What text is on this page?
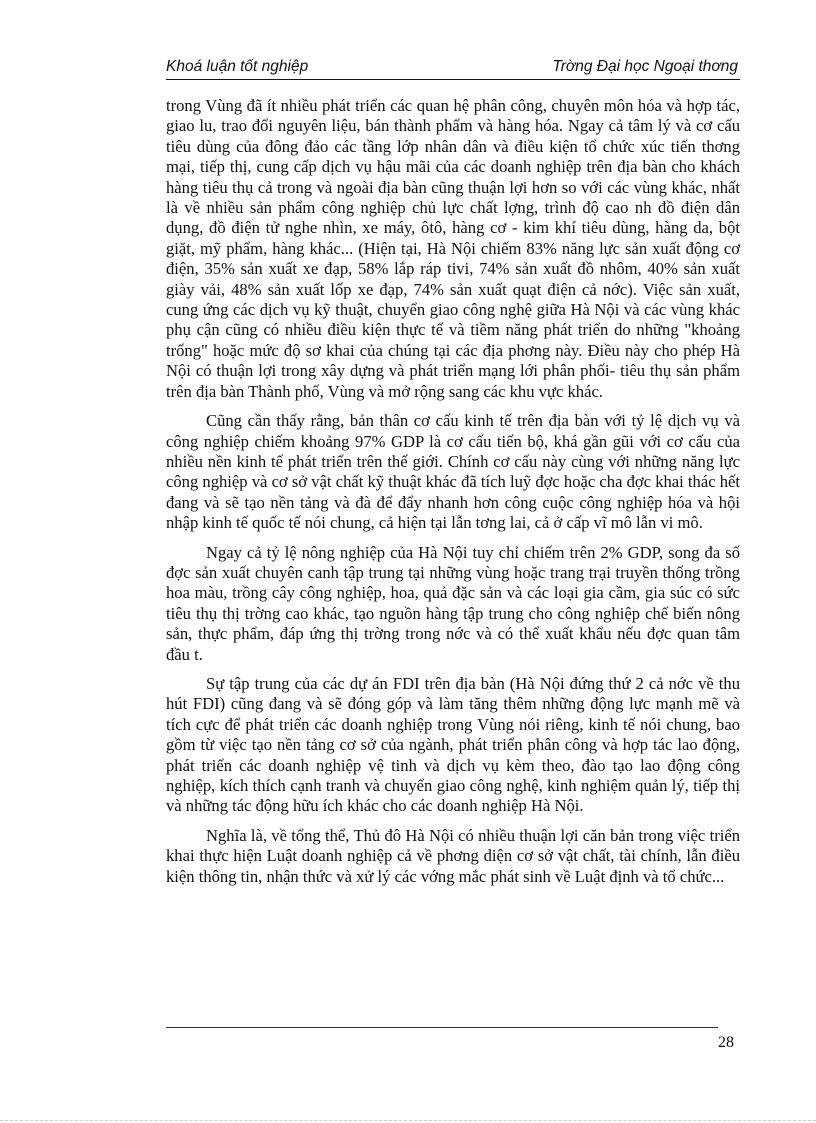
Khoá luận tốt nghiệp	Trờng Đại học Ngoại thơng

trong Vùng đã ít nhiều phát triển các quan hệ phân công, chuyên môn hóa và hợp tác, giao lu, trao đổi nguyên liệu, bán thành phẩm và hàng hóa. Ngay cả tâm lý và cơ cấu tiêu dùng của đông đảo các tầng lớp nhân dân và điều kiện tổ chức xúc tiến thơng mại, tiếp thị, cung cấp dịch vụ hậu mãi của các doanh nghiệp trên địa bàn cho khách hàng tiêu thụ cả trong và ngoài địa bàn cũng thuận lợi hơn so với các vùng khác, nhất là về nhiều sản phẩm công nghiệp chủ lực chất lợng, trình độ cao nh đồ điện dân dụng, đồ điện tử nghe nhìn, xe máy, ôtô, hàng cơ - kim khí tiêu dùng, hàng da, bột giặt, mỹ phẩm, hàng khác... (Hiện tại, Hà Nội chiếm 83% năng lực sản xuất động cơ điện, 35% sản xuất xe đạp, 58% lắp ráp tivi, 74% sản xuất đồ nhôm, 40% sản xuất giày vải, 48% sản xuất lốp xe đạp, 74% sản xuất quạt điện cả nớc). Việc sản xuất, cung ứng các dịch vụ kỹ thuật, chuyển giao công nghệ giữa Hà Nội và các vùng khác phụ cận cũng có nhiều điều kiện thực tế và tiềm năng phát triển do những "khoảng trống" hoặc mức độ sơ khai của chúng tại các địa phơng này. Điều này cho phép Hà Nội có thuận lợi trong xây dựng và phát triển mạng lới phân phối- tiêu thụ sản phẩm trên địa bàn Thành phố, Vùng và mở rộng sang các khu vực khác.

Cũng cần thấy rằng, bản thân cơ cấu kinh tế trên địa bàn với tỷ lệ dịch vụ và công nghiệp chiếm khoảng 97% GDP là cơ cấu tiến bộ, khá gần gũi với cơ cấu của nhiều nền kinh tế phát triển trên thế giới. Chính cơ cấu này cùng với những năng lực công nghiệp và cơ sở vật chất kỹ thuật khác đã tích luỹ đợc hoặc cha đợc khai thác hết đang và sẽ tạo nền tảng và đà để đẩy nhanh hơn công cuộc công nghiệp hóa và hội nhập kinh tế quốc tế nói chung, cả hiện tại lẫn tơng lai, cả ở cấp vĩ mô lẫn vi mô.

Ngay cả tỷ lệ nông nghiệp của Hà Nội tuy chỉ chiếm trên 2% GDP, song đa số đợc sản xuất chuyên canh tập trung tại những vùng hoặc trang trại truyền thống trồng hoa màu, trồng cây công nghiệp, hoa, quả đặc sản và các loại gia cầm, gia súc có sức tiêu thụ thị trờng cao khác, tạo nguồn hàng tập trung cho công nghiệp chế biến nông sản, thực phẩm, đáp ứng thị trờng trong nớc và có thể xuất khẩu nếu đợc quan tâm đầu t.

Sự tập trung của các dự án FDI trên địa bàn (Hà Nội đứng thứ 2 cả nớc về thu hút FDI) cũng đang và sẽ đóng góp và làm tăng thêm những động lực mạnh mẽ và tích cực để phát triển các doanh nghiệp trong Vùng nói riêng, kinh tế nói chung, bao gồm từ việc tạo nền tảng cơ sở của ngành, phát triển phân công và hợp tác lao động, phát triển các doanh nghiệp vệ tinh và dịch vụ kèm theo, đào tạo lao động công nghiệp, kích thích cạnh tranh và chuyển giao công nghệ, kinh nghiệm quản lý, tiếp thị và những tác động hữu ích khác cho các doanh nghiệp Hà Nội.

Nghĩa là, về tổng thể, Thủ đô Hà Nội có nhiều thuận lợi căn bản trong việc triển khai thực hiện Luật doanh nghiệp cả về phơng diện cơ sở vật chất, tài chính, lẫn điều kiện thông tin, nhận thức và xử lý các vớng mắc phát sinh về Luật định và tổ chức...

28
